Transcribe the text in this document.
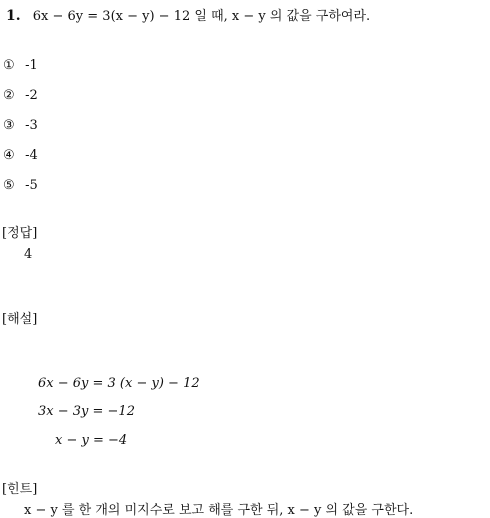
1. 6x − 6y = 3(x − y) − 12 일 때, x − y 의 값을 구하여라.
① -1
② -2
③ -3
④ -4
⑤ -5
[정답]
4
[해설]
6x − 6y = 3 (x − y) − 12
3x − 3y = −12
x − y = −4
[힌트]
x − y 를 한 개의 미지수로 보고 해를 구한 뒤, x − y 의 값을 구한다.
